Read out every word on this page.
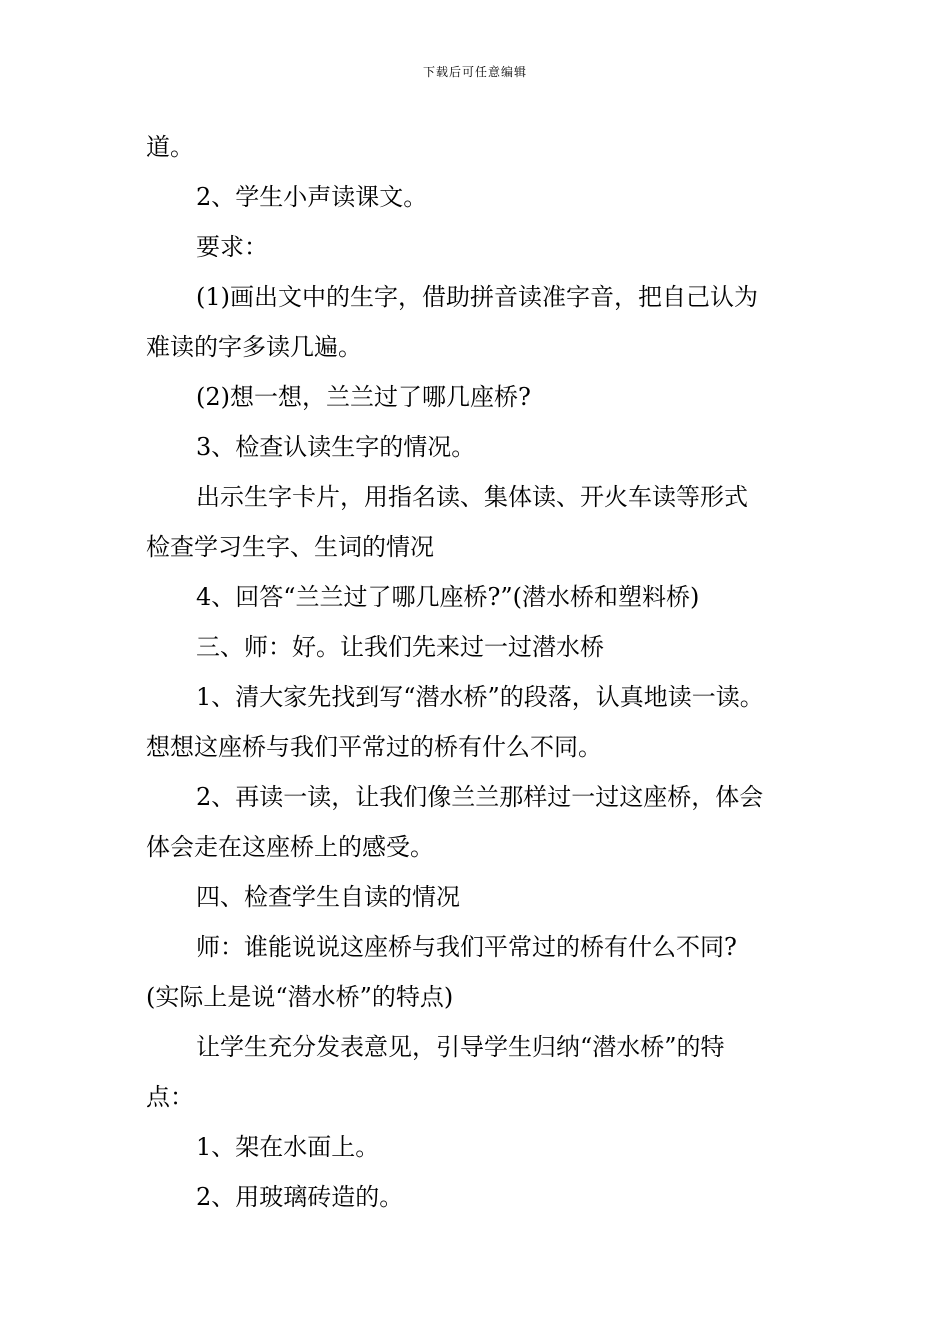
下载后可任意编辑
道。
2、学生小声读课文。
要求：
(1)画出文中的生字，借助拼音读准字音，把自己认为
难读的字多读几遍。
(2)想一想，兰兰过了哪几座桥?
3、检查认读生字的情况。
出示生字卡片，用指名读、集体读、开火车读等形式
检查学习生字、生词的情况
4、回答“兰兰过了哪几座桥?”(潜水桥和塑料桥)
三、师：好。让我们先来过一过潜水桥
1、清大家先找到写“潜水桥”的段落，认真地读一读。
想想这座桥与我们平常过的桥有什么不同。
2、再读一读，让我们像兰兰那样过一过这座桥，体会
体会走在这座桥上的感受。
四、检查学生自读的情况
师：谁能说说这座桥与我们平常过的桥有什么不同?
(实际上是说“潜水桥”的特点)
让学生充分发表意见，引导学生归纳“潜水桥”的特
点：
1、架在水面上。
2、用玻璃砖造的。
